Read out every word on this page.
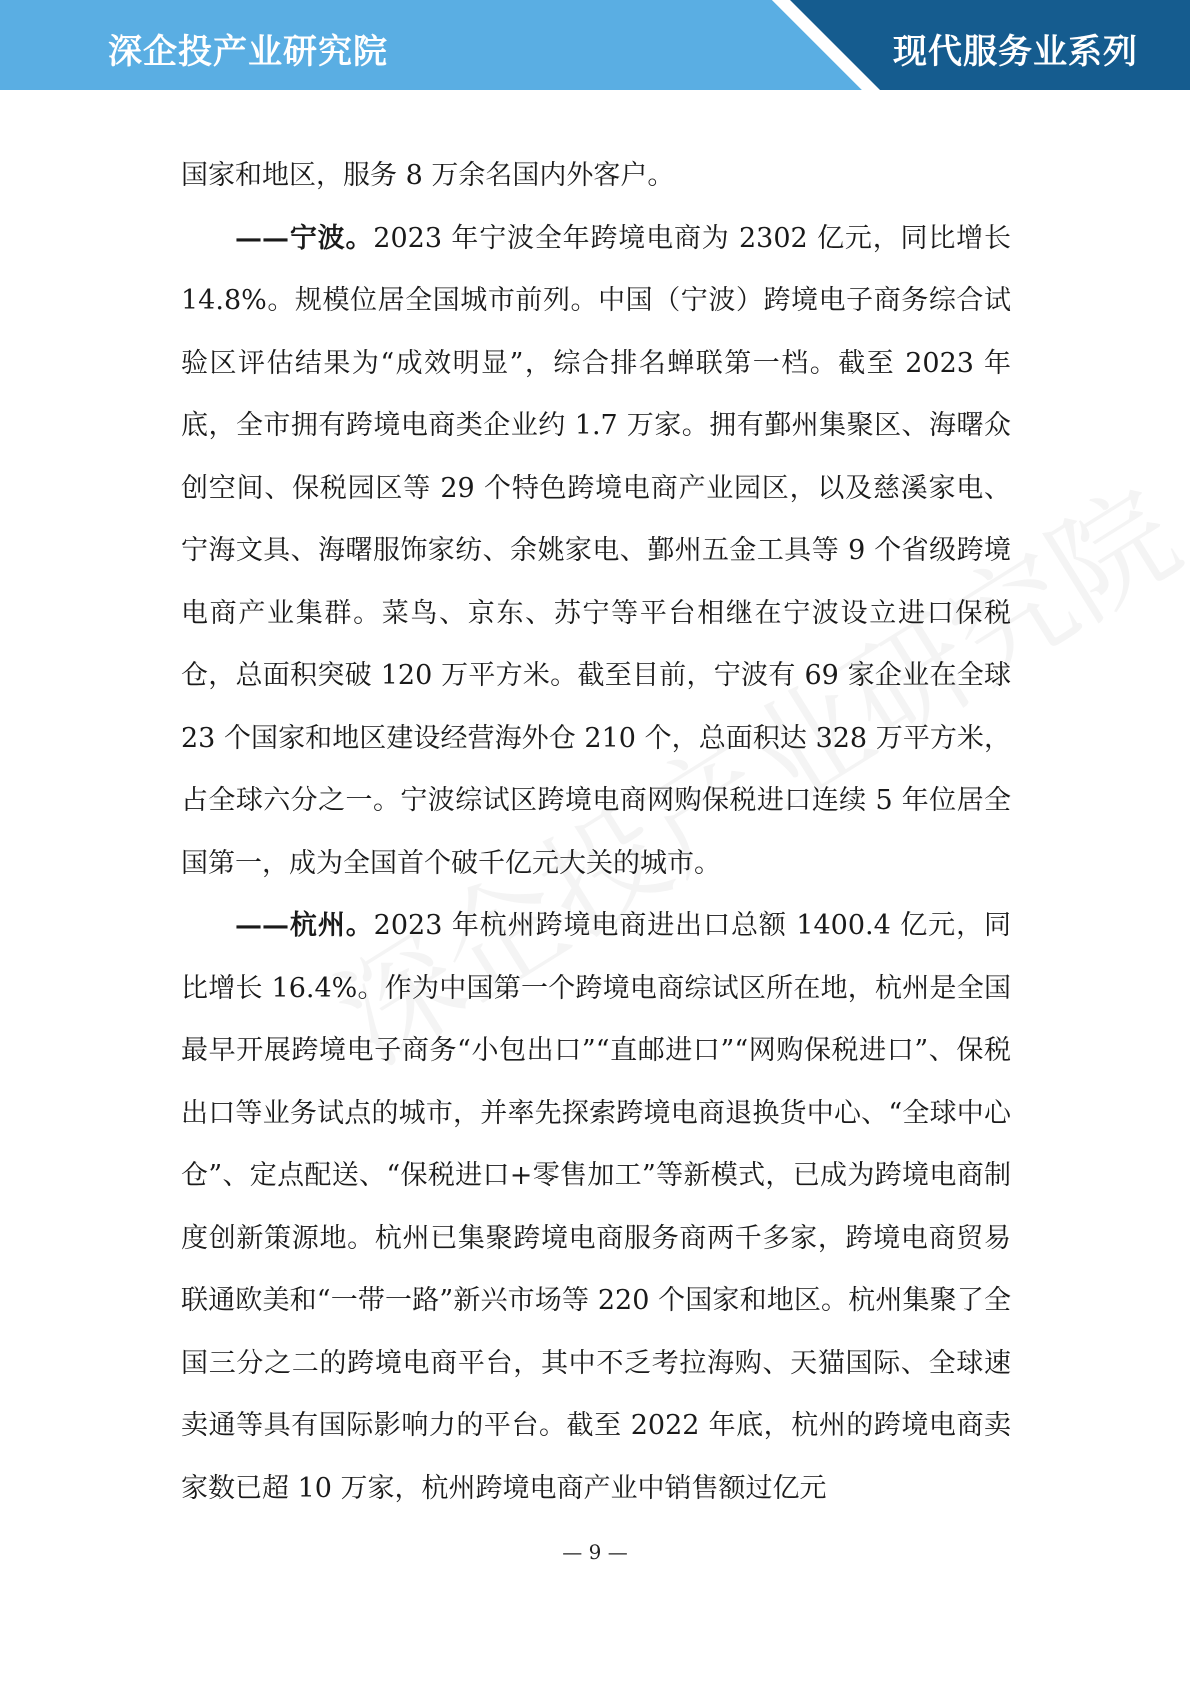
深企投产业研究院	现代服务业系列

国家和地区，服务 8 万余名国内外客户。

——宁波。2023 年宁波全年跨境电商为 2302 亿元，同比增长 14.8%。规模位居全国城市前列。中国（宁波）跨境电子商务综合试验区评估结果为“成效明显”，综合排名蝉联第一档。截至 2023 年底，全市拥有跨境电商类企业约 1.7 万家。拥有鄞州集聚区、海曙众创空间、保税园区等 29 个特色跨境电商产业园区，以及慈溪家电、宁海文具、海曙服饰家纺、余姚家电、鄞州五金工具等 9 个省级跨境电商产业集群。菜鸟、京东、苏宁等平台相继在宁波设立进口保税仓，总面积突破 120 万平方米。截至目前，宁波有 69 家企业在全球 23 个国家和地区建设经营海外仓 210 个，总面积达 328 万平方米，占全球六分之一。宁波综试区跨境电商网购保税进口连续 5 年位居全国第一，成为全国首个破千亿元大关的城市。

——杭州。2023 年杭州跨境电商进出口总额 1400.4 亿元，同比增长 16.4%。作为中国第一个跨境电商综试区所在地，杭州是全国最早开展跨境电子商务“小包出口”“直邮进口”“网购保税进口”、保税出口等业务试点的城市，并率先探索跨境电商退换货中心、“全球中心仓”、定点配送、“保税进口+零售加工”等新模式，已成为跨境电商制度创新策源地。杭州已集聚跨境电商服务商两千多家，跨境电商贸易联通欧美和“一带一路”新兴市场等 220 个国家和地区。杭州集聚了全国三分之二的跨境电商平台，其中不乏考拉海购、天猫国际、全球速卖通等具有国际影响力的平台。截至 2022 年底，杭州的跨境电商卖家数已超 10 万家，杭州跨境电商产业中销售额过亿元

— 9 —
